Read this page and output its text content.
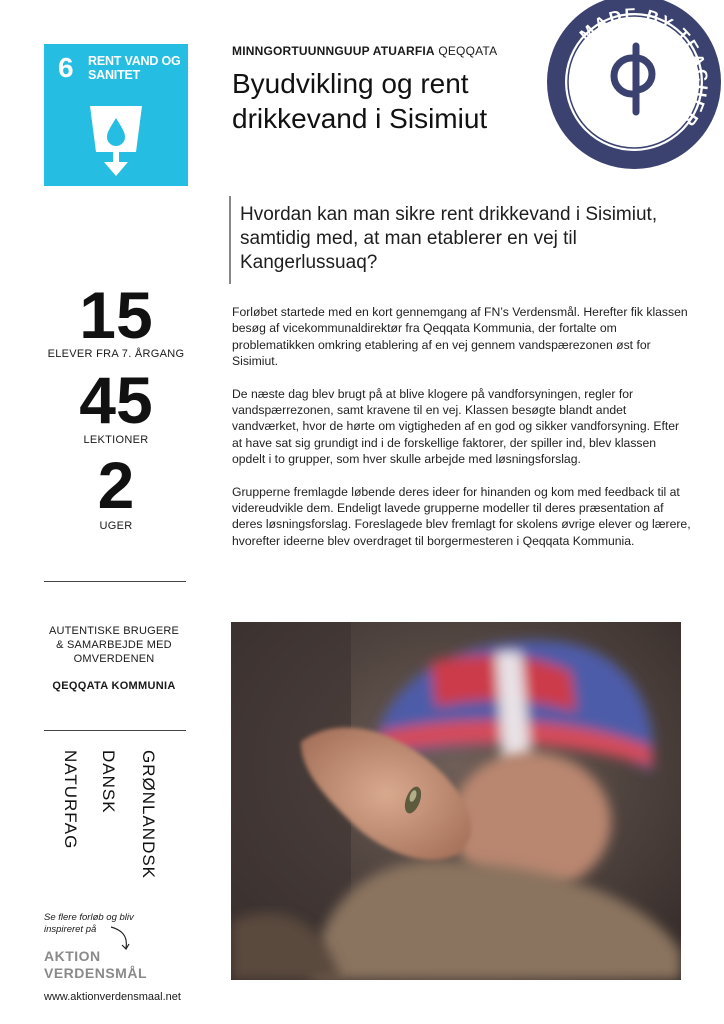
6 RENT VAND OG SANITET
MINNGORTUUNNGUUP ATUARFIA QEQQATA
Byudvikling og rent drikkevand i Sisimiut
MADE BY TEACHERS
Hvordan kan man sikre rent drikkevand i Sisimiut, samtidig med, at man etablerer en vej til Kangerlussuaq?
15
ELEVER FRA 7. ÅRGANG
45
LEKTIONER
2
UGER
AUTENTISKE BRUGERE & SAMARBEJDE MED OMVERDENEN
QEQQATA KOMMUNIA
GRØNLANDSK
DANSK
NATURFAG
Se flere forløb og bliv inspireret på
AKTION
VERDENSMÅL
www.aktionverdensmaal.net

Forløbet startede med en kort gennemgang af FN’s Verdensmål. Herefter fik klassen besøg af vicekommunaldirektør fra Qeqqata Kommunia, der fortalte om problematikken omkring etablering af en vej gennem vandspærezonen øst for Sisimiut.

De næste dag blev brugt på at blive klogere på vandforsyningen, regler for vandspærrezonen, samt kravene til en vej. Klassen besøgte blandt andet vandværket, hvor de hørte om vigtigheden af en god og sikker vandforsyning. Efter at have sat sig grundigt ind i de forskellige faktorer, der spiller ind, blev klassen opdelt i to grupper, som hver skulle arbejde med løsningsforslag.

Grupperne fremlagde løbende deres ideer for hinanden og kom med feedback til at videreudvikle dem. Endeligt lavede grupperne modeller til deres præsentation af deres løsningsforslag. Foreslagede blev fremlagt for skolens øvrige elever og lærere, hvorefter ideerne blev overdraget til borgermesteren i Qeqqata Kommunia.
